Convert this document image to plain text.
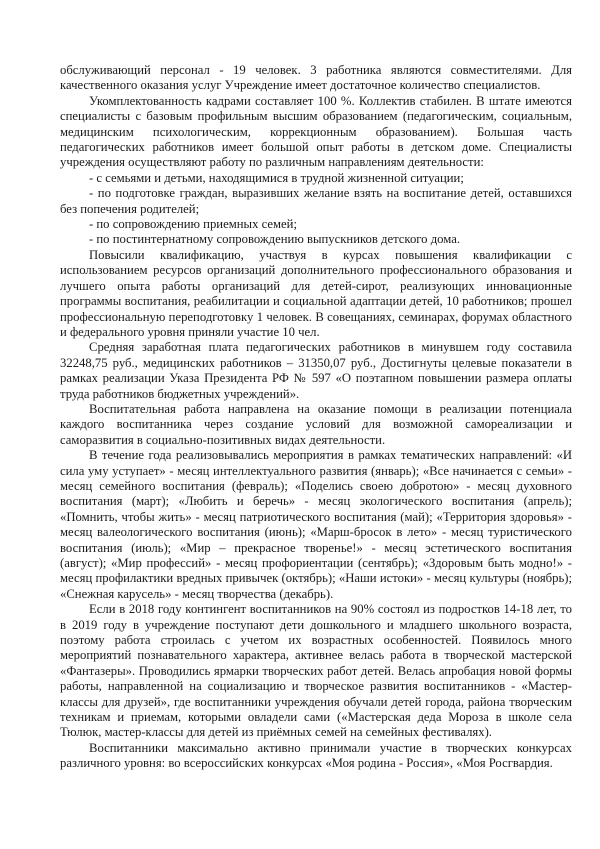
обслуживающий персонал - 19 человек. 3 работника являются совместителями. Для качественного оказания услуг Учреждение имеет достаточное количество специалистов.

Укомплектованность кадрами составляет 100 %. Коллектив стабилен. В штате имеются специалисты с базовым профильным высшим образованием (педагогическим, социальным, медицинским психологическим, коррекционным образованием). Большая часть педагогических работников имеет большой опыт работы в детском доме. Специалисты учреждения осуществляют работу по различным направлениям деятельности:

- с семьями и детьми, находящимися в трудной жизненной ситуации;

- по подготовке граждан, выразивших желание взять на воспитание детей, оставшихся без попечения родителей;

- по сопровождению приемных семей;

- по постинтернатному сопровождению выпускников детского дома.

Повысили квалификацию, участвуя в курсах повышения квалификации с использованием ресурсов организаций дополнительного профессионального образования и лучшего опыта работы организаций для детей-сирот, реализующих инновационные программы воспитания, реабилитации и социальной адаптации детей, 10 работников; прошел профессиональную переподготовку 1 человек. В совещаниях, семинарах, форумах областного и федерального уровня приняли участие 10 чел.

Средняя заработная плата педагогических работников в минувшем году составила 32248,75 руб., медицинских работников – 31350,07 руб., Достигнуты целевые показатели в рамках реализации Указа Президента РФ № 597 «О поэтапном повышении размера оплаты труда работников бюджетных учреждений».

Воспитательная работа направлена на оказание помощи в реализации потенциала каждого воспитанника через создание условий для возможной самореализации и саморазвития в социально-позитивных видах деятельности.

В течение года реализовывались мероприятия в рамках тематических направлений: «И сила уму уступает» - месяц интеллектуального развития (январь); «Все начинается с семьи» - месяц семейного воспитания (февраль); «Поделись своею добротою» - месяц духовного воспитания (март); «Любить и беречь» - месяц экологического воспитания (апрель); «Помнить, чтобы жить» - месяц патриотического воспитания (май); «Территория здоровья» - месяц валеологического воспитания (июнь); «Марш-бросок в лето» - месяц туристического воспитания (июль); «Мир – прекрасное творенье!» - месяц эстетического воспитания (август); «Мир профессий» - месяц профориентации (сентябрь); «Здоровым быть модно!» - месяц профилактики вредных привычек (октябрь); «Наши истоки» - месяц культуры (ноябрь); «Снежная карусель» - месяц творчества (декабрь).

Если в 2018 году контингент воспитанников на 90% состоял из подростков 14-18 лет, то в 2019 году в учреждение поступают дети дошкольного и младшего школьного возраста, поэтому работа строилась с учетом их возрастных особенностей. Появилось много мероприятий познавательного характера, активнее велась работа в творческой мастерской «Фантазеры». Проводились ярмарки творческих работ детей. Велась апробация новой формы работы, направленной на социализацию и творческое развития воспитанников - «Мастер-классы для друзей», где воспитанники учреждения обучали детей города, района творческим техникам и приемам, которыми овладели сами («Мастерская деда Мороза в школе села Тюлюк, мастер-классы для детей из приёмных семей на семейных фестивалях).

Воспитанники максимально активно принимали участие в творческих конкурсах различного уровня: во всероссийских конкурсах «Моя родина - Россия», «Моя Росгвардия.
